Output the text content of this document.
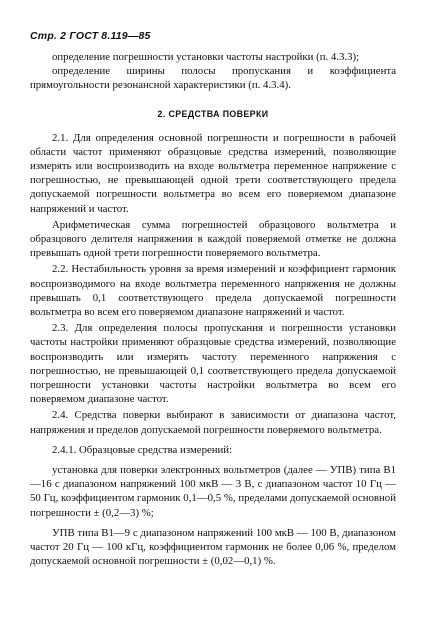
Стр. 2 ГОСТ 8.119—85

определение погрешности установки частоты настройки (п. 4.3.3);

определение ширины полосы пропускания и коэффициента прямоугольности резонансной характеристики (п. 4.3.4).

2. СРЕДСТВА ПОВЕРКИ

2.1. Для определения основной погрешности и погрешности в рабочей области частот применяют образцовые средства измерений, позволяющие измерять или воспроизводить на входе вольтметра переменное напряжение с погрешностью, не превышающей одной трети соответствующего предела допускаемой погрешности вольтметра во всем его поверяемом диапазоне напряжений и частот.

Арифметическая сумма погрешностей образцового вольтметра и образцового делителя напряжения в каждой поверяемой отметке не должна превышать одной трети погрешности поверяемого вольтметра.

2.2. Нестабильность уровня за время измерений и коэффициент гармоник воспроизводимого на входе вольтметра переменного напряжения не должны превышать 0,1 соответствующего предела допускаемой погрешности вольтметра во всем его поверяемом диапазоне напряжений и частот.

2.3. Для определения полосы пропускания и погрешности установки частоты настройки применяют образцовые средства измерений, позволяющие воспроизводить или измерять частоту переменного напряжения с погрешностью, не превышающей 0,1 соответствующего предела допускаемой погрешности установки частоты настройки вольтметра во всем его поверяемом диапазоне частот.

2.4. Средства поверки выбирают в зависимости от диапазона частот, напряжения и пределов допускаемой погрешности поверяемого вольтметра.

2.4.1. Образцовые средства измерений:

установка для поверки электронных вольтметров (далее — УПВ) типа В1—16 с диапазоном напряжений 100 мкВ — 3 В, с диапазоном частот 10 Гц — 50 Гц, коэффициентом гармоник 0,1—0,5 %, пределами допускаемой основной погрешности ± (0,2—3) %;

УПВ типа В1—9 с диапазоном напряжений 100 мкВ — 100 В, диапазоном частот 20 Гц — 100 кГц, коэффициентом гармоник не более 0,06 %, пределом допускаемой основной погрешности ± (0,02—0,1) %.
